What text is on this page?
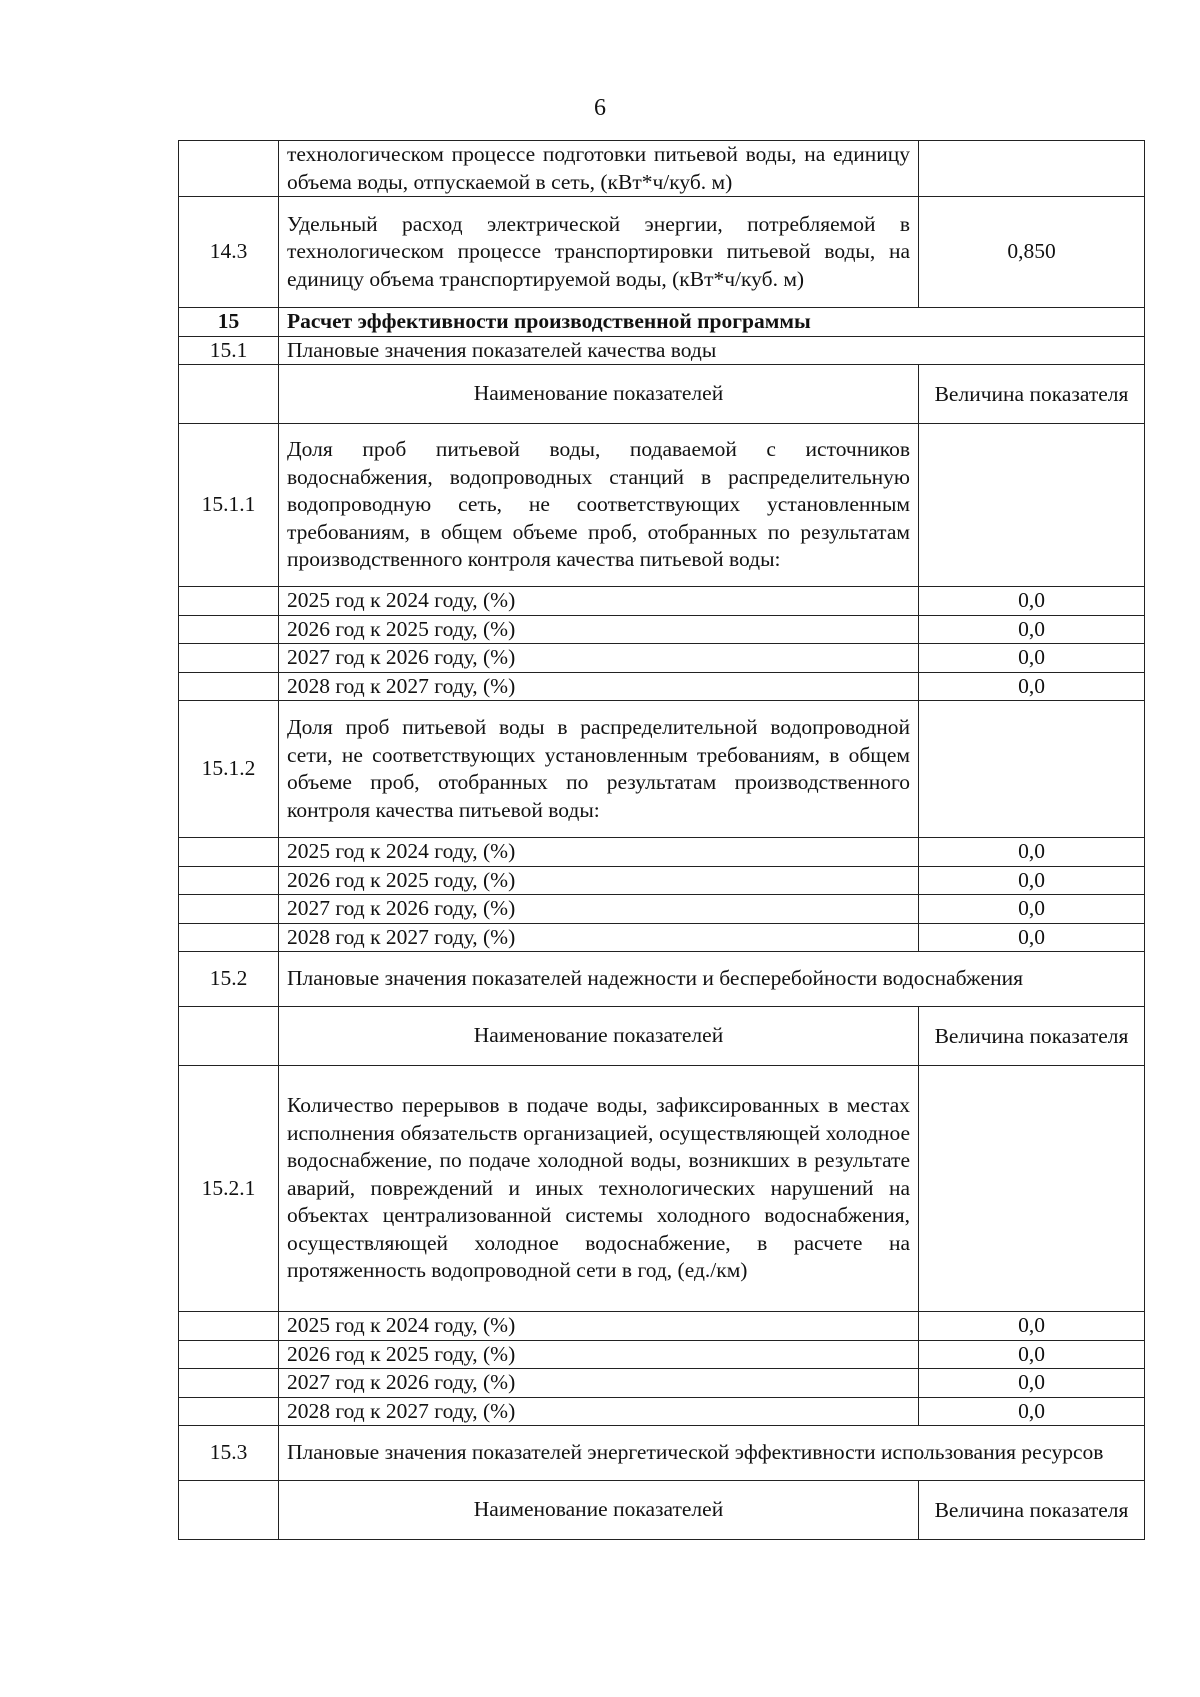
6
	технологическом процессе подготовки питьевой воды, на единицу объема воды, отпускаемой в сеть, (кВт*ч/куб. м)	
14.3	Удельный расход электрической энергии, потребляемой в технологическом процессе транспортировки питьевой воды, на единицу объема транспортируемой воды, (кВт*ч/куб. м)	0,850
15	Расчет эффективности производственной программы	
15.1	Плановые значения показателей качества воды	
	Наименование показателей	Величина показателя
15.1.1	Доля проб питьевой воды, подаваемой с источников водоснабжения, водопроводных станций в распределительную водопроводную сеть, не соответствующих установленным требованиям, в общем объеме проб, отобранных по результатам производственного контроля качества питьевой воды:	
	2025 год к 2024 году, (%)	0,0
	2026 год к 2025 году, (%)	0,0
	2027 год к 2026 году, (%)	0,0
	2028 год к 2027 году, (%)	0,0
15.1.2	Доля проб питьевой воды в распределительной водопроводной сети, не соответствующих установленным требованиям, в общем объеме проб, отобранных по результатам производственного контроля качества питьевой воды:	
	2025 год к 2024 году, (%)	0,0
	2026 год к 2025 году, (%)	0,0
	2027 год к 2026 году, (%)	0,0
	2028 год к 2027 году, (%)	0,0
15.2	Плановые значения показателей надежности и бесперебойности водоснабжения	
	Наименование показателей	Величина показателя
15.2.1	Количество перерывов в подаче воды, зафиксированных в местах исполнения обязательств организацией, осуществляющей холодное водоснабжение, по подаче холодной воды, возникших в результате аварий, повреждений и иных технологических нарушений на объектах централизованной системы холодного водоснабжения, осуществляющей холодное водоснабжение, в расчете на протяженность водопроводной сети в год, (ед./км)	
	2025 год к 2024 году, (%)	0,0
	2026 год к 2025 году, (%)	0,0
	2027 год к 2026 году, (%)	0,0
	2028 год к 2027 году, (%)	0,0
15.3	Плановые значения показателей энергетической эффективности использования ресурсов	
	Наименование показателей	Величина показателя
